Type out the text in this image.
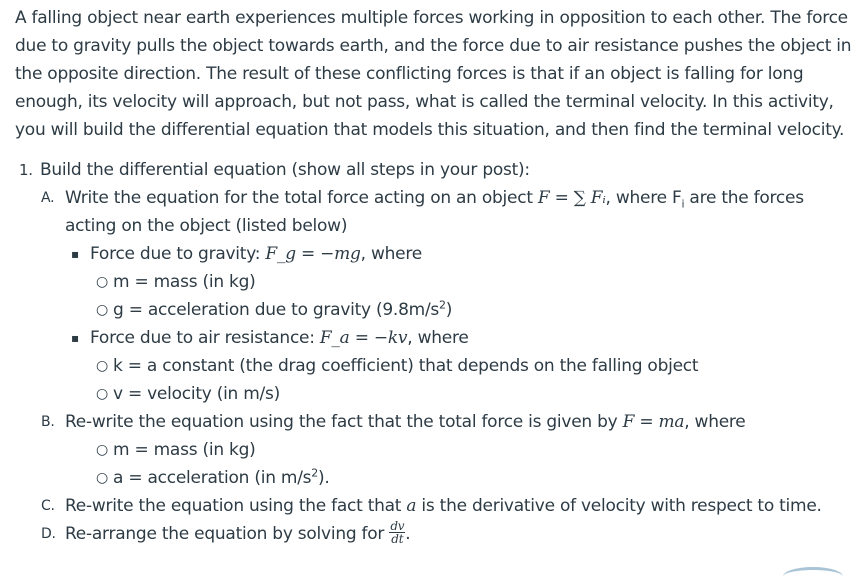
A falling object near earth experiences multiple forces working in opposition to each other. The force due to gravity pulls the object towards earth, and the force due to air resistance pushes the object in the opposite direction. The result of these conflicting forces is that if an object is falling for long enough, its velocity will approach, but not pass, what is called the terminal velocity. In this activity, you will build the differential equation that models this situation, and then find the terminal velocity.

1. Build the differential equation (show all steps in your post):
A. Write the equation for the total force acting on an object F = ∑ Fᵢ, where $F_i$ are the forces
acting on the object (listed below)
▪ Force due to gravity: F_g = −mg, where
○ m = mass (in kg)
○ g = acceleration due to gravity $(9.8m/s^2)$
▪ Force due to air resistance: F_a = −kv, where
○ k = a constant (the drag coefficient) that depends on the falling object
○ v = velocity (in m/s)
B. Re-write the equation using the fact that the total force is given by F = ma, where
○ m = mass (in kg)
○ a = acceleration (in $m/s^2$).
C. Re-write the equation using the fact that a is the derivative of velocity with respect to time.
D. Re-arrange the equation by solving for $\frac{dv}{dt}$ .
